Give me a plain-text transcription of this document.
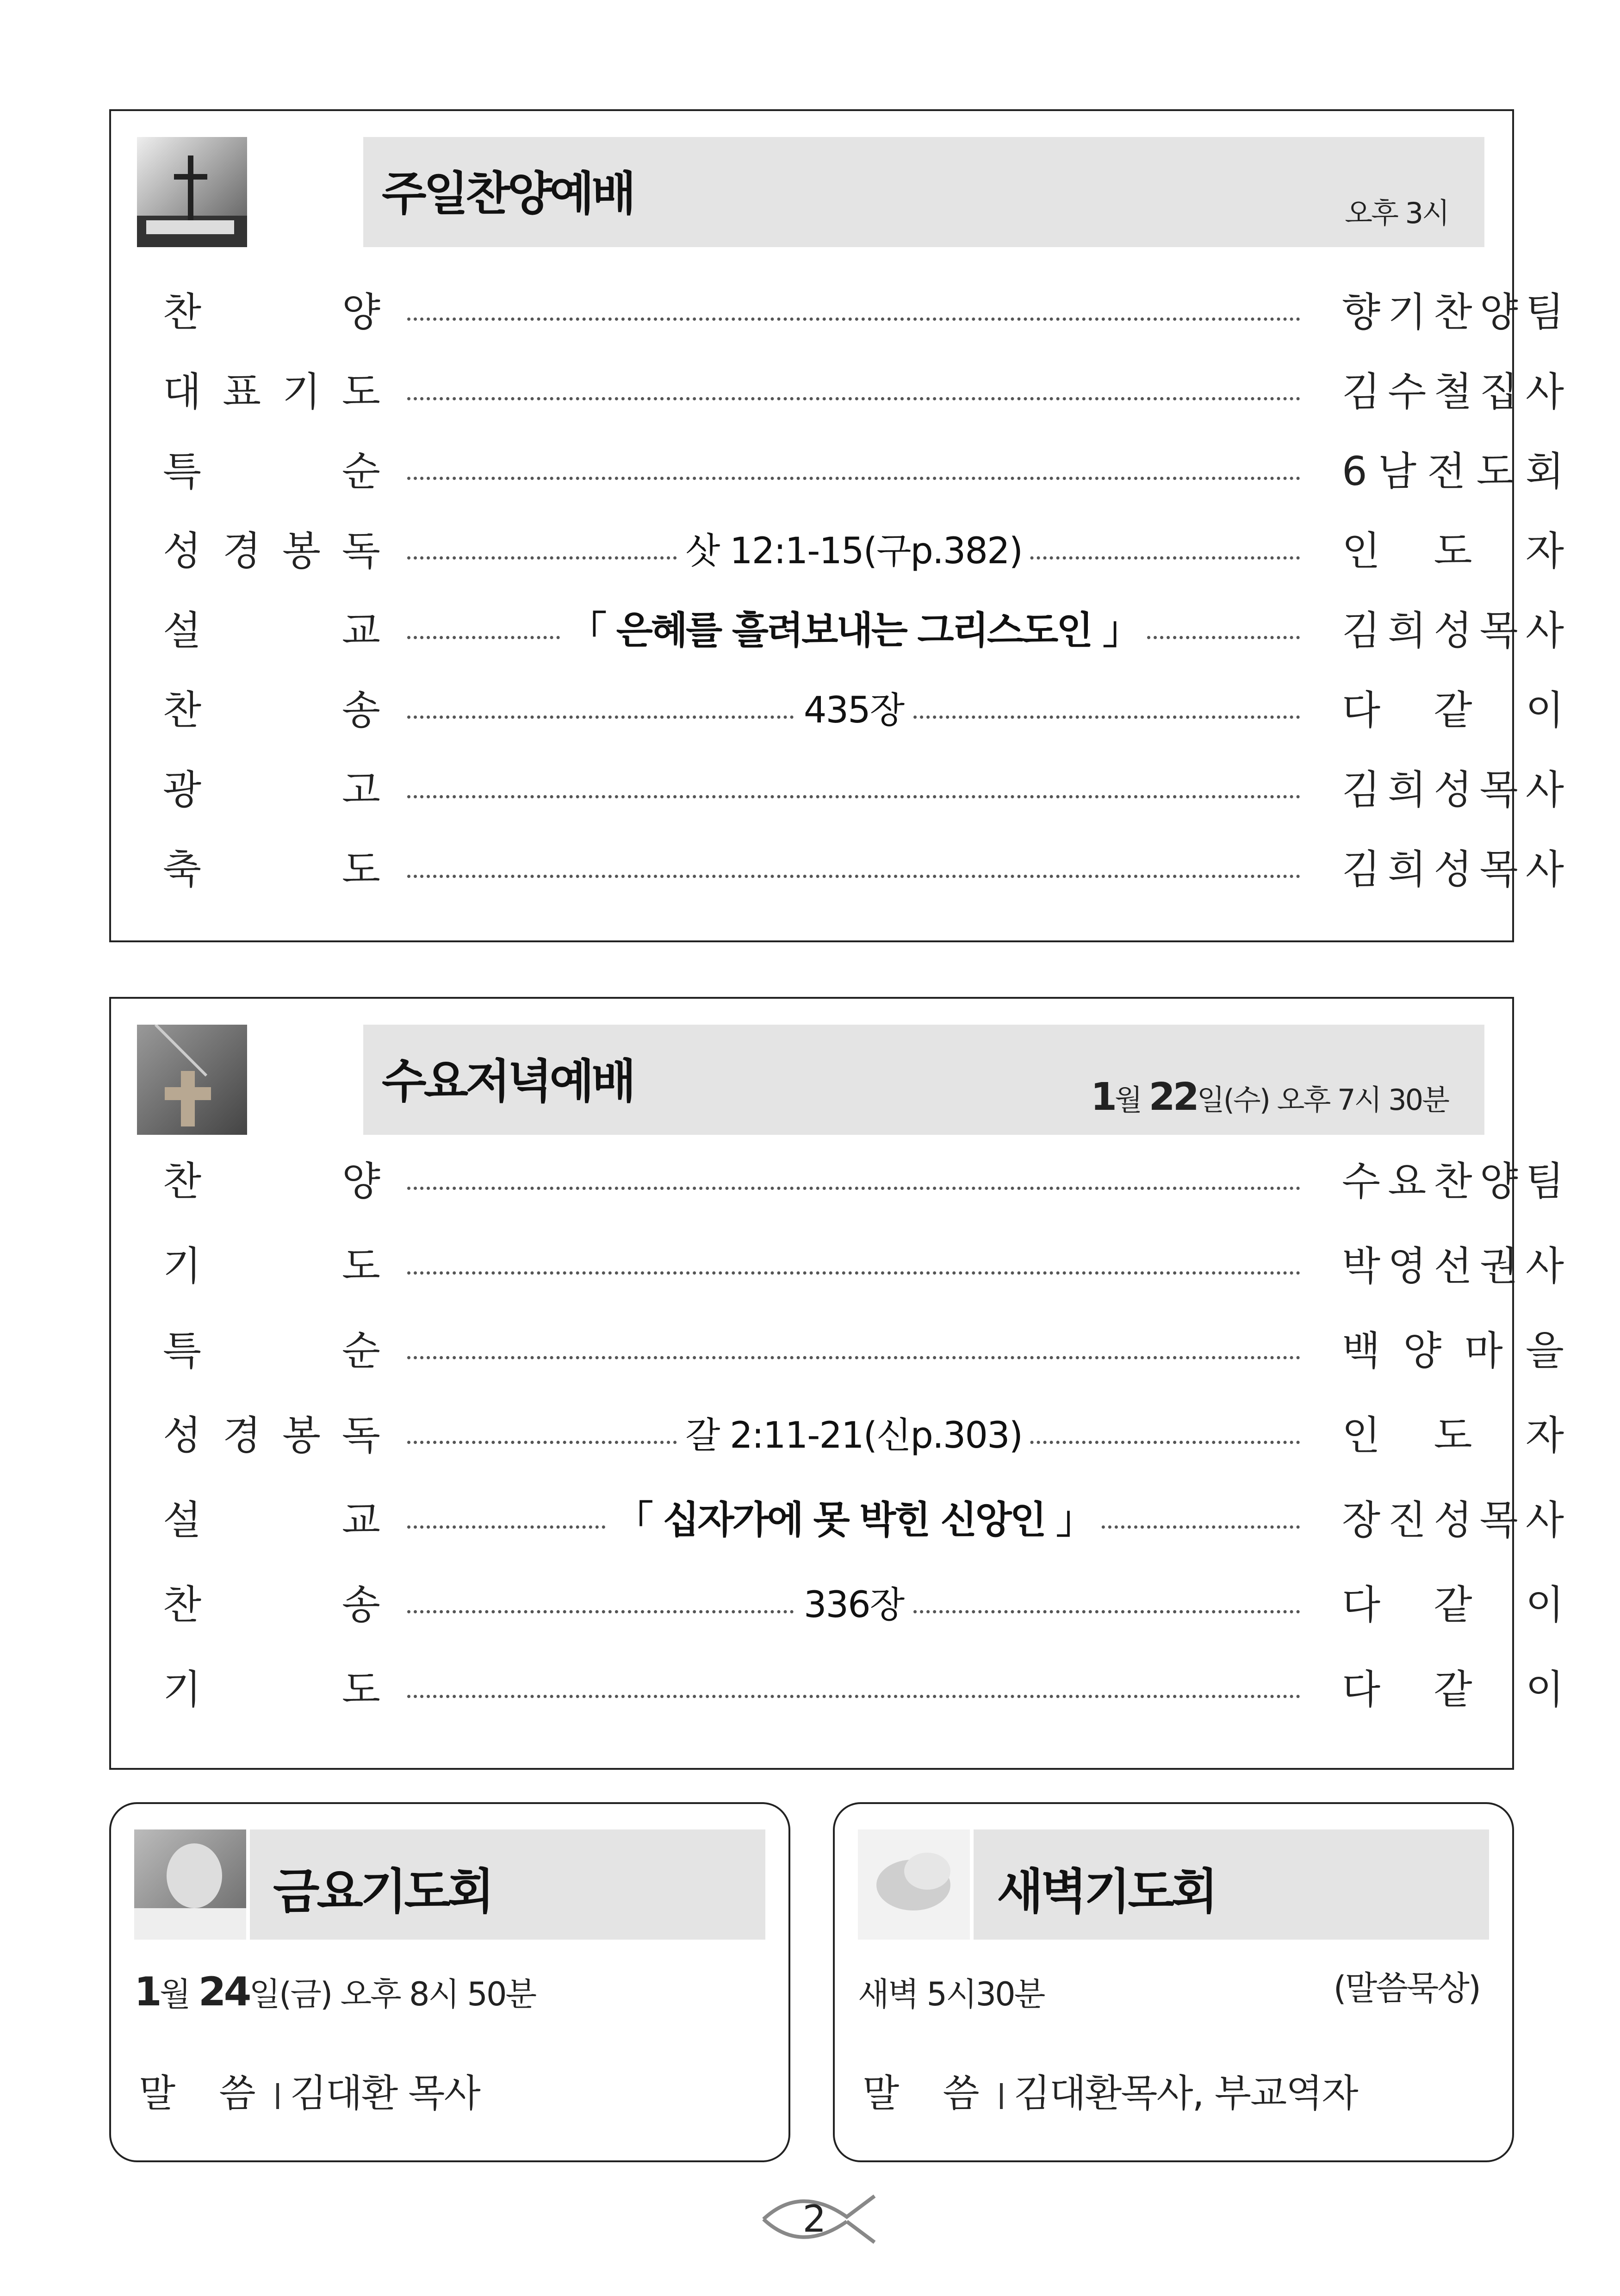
주일찬양예배	오후 3시
찬	양	향 기 찬 양 팀
대 표 기 도	김 수 철 집 사
특	순	6 남 전 도 회
성 경 봉 독	삿 12:1-15(구p.382)	인 도 자
설	교	「 은혜를 흘려보내는 그리스도인 」	김 희 성 목 사
찬	송	435장	다 같 이
광	고	김 희 성 목 사
축	도	김 희 성 목 사
수요저녁예배	1월 22일(수) 오후 7시 30분
찬	양	수 요 찬 양 팀
기	도	박 영 선 권 사
특	순	백 양 마 을
성 경 봉 독	갈 2:11-21(신p.303)	인 도 자
설	교	「 십자가에 못 박힌 신앙인 」	장 진 성 목 사
찬	송	336장	다 같 이
기	도	다 같 이
금요기도회
1월 24일(금) 오후 8시 50분
말  씀 김대환 목사
새벽기도회
새벽 5시30분	(말씀묵상)
말  씀 김대환목사, 부교역자
2
